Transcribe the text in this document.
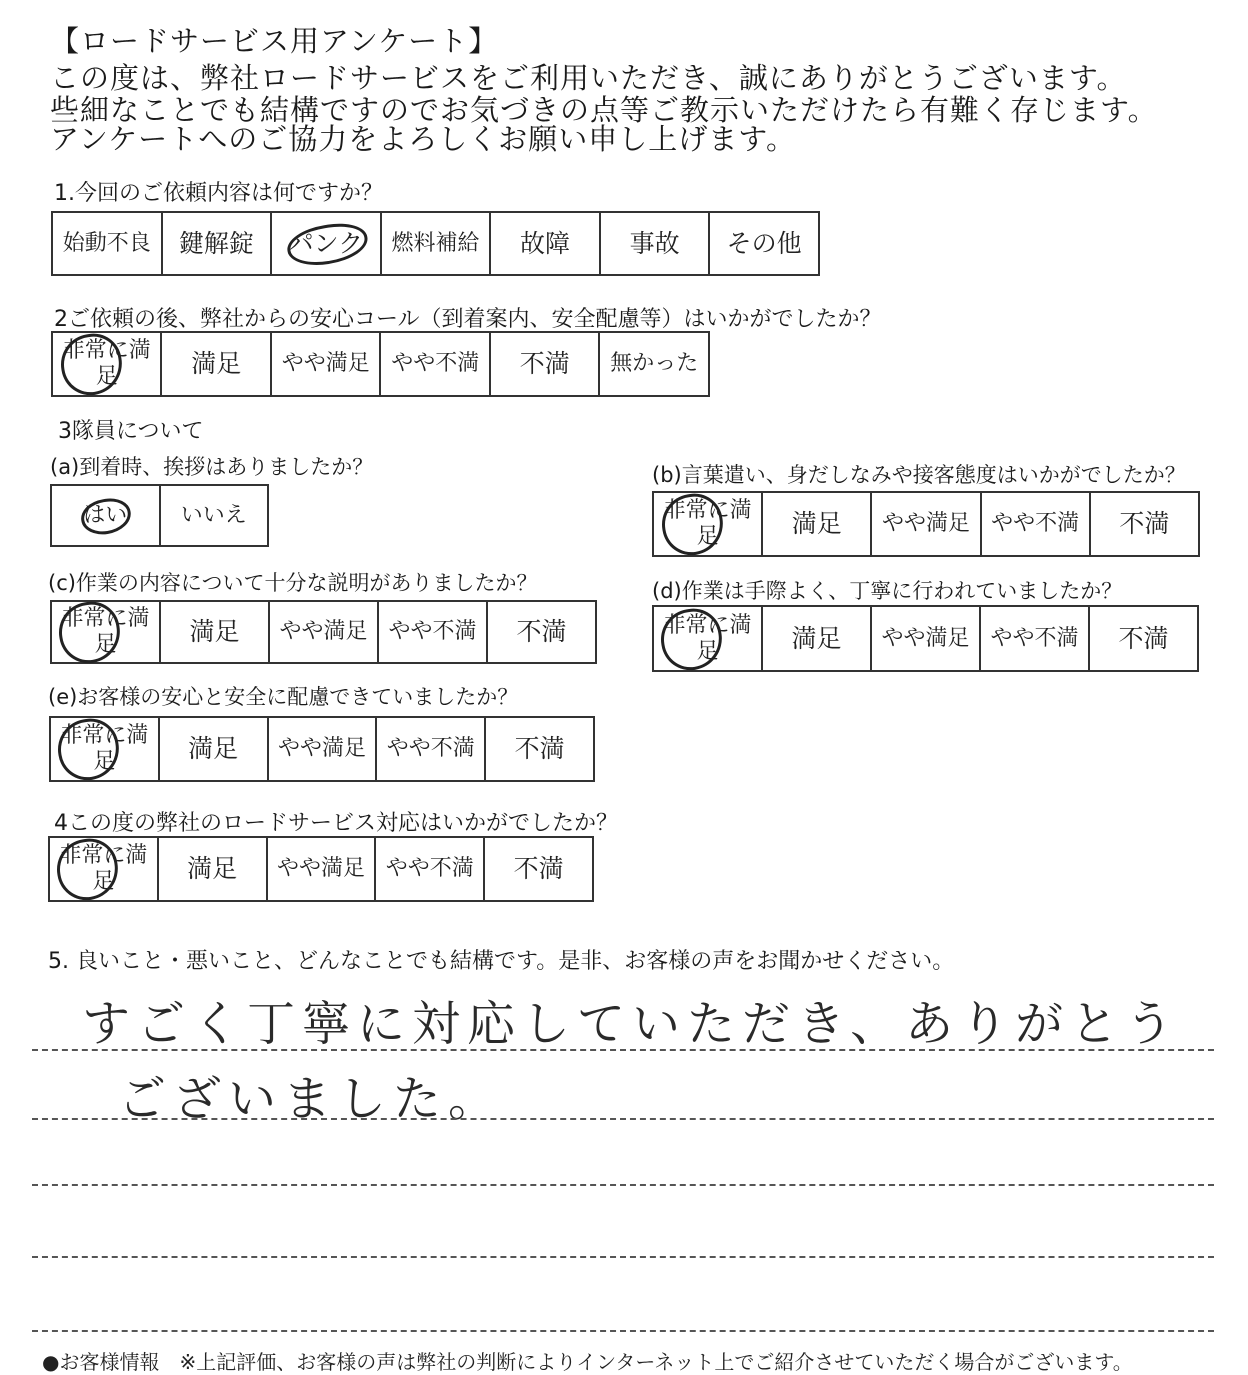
【ロードサービス用アンケート】
この度は、弊社ロードサービスをご利用いただき、誠にありがとうございます。
些細なことでも結構ですのでお気づきの点等ご教示いただけたら有難く存じます。
アンケートへのご協力をよろしくお願い申し上げます。
1.今回のご依頼内容は何ですか？
始動不良	鍵解錠	パンク	燃料補給	故障	事故	その他
2ご依頼の後、弊社からの安心コール（到着案内、安全配慮等）はいかがでしたか？
非常に満足	満足	やや満足	やや不満	不満	無かった
3隊員について
(a)到着時、挨拶はありましたか？
はい	いいえ
(b)言葉遣い、身だしなみや接客態度はいかがでしたか？
非常に満足	満足	やや満足	やや不満	不満
(c)作業の内容について十分な説明がありましたか？
非常に満足	満足	やや満足	やや不満	不満
(d)作業は手際よく、丁寧に行われていましたか？
非常に満足	満足	やや満足	やや不満	不満
(e)お客様の安心と安全に配慮できていましたか？
非常に満足	満足	やや満足	やや不満	不満
4この度の弊社のロードサービス対応はいかがでしたか？
非常に満足	満足	やや満足	やや不満	不満
5. 良いこと・悪いこと、どんなことでも結構です。是非、お客様の声をお聞かせください。
すごく丁寧に対応していただき、ありがとう
ございました。
●お客様情報　※上記評価、お客様の声は弊社の判断によりインターネット上でご紹介させていただく場合がございます。
